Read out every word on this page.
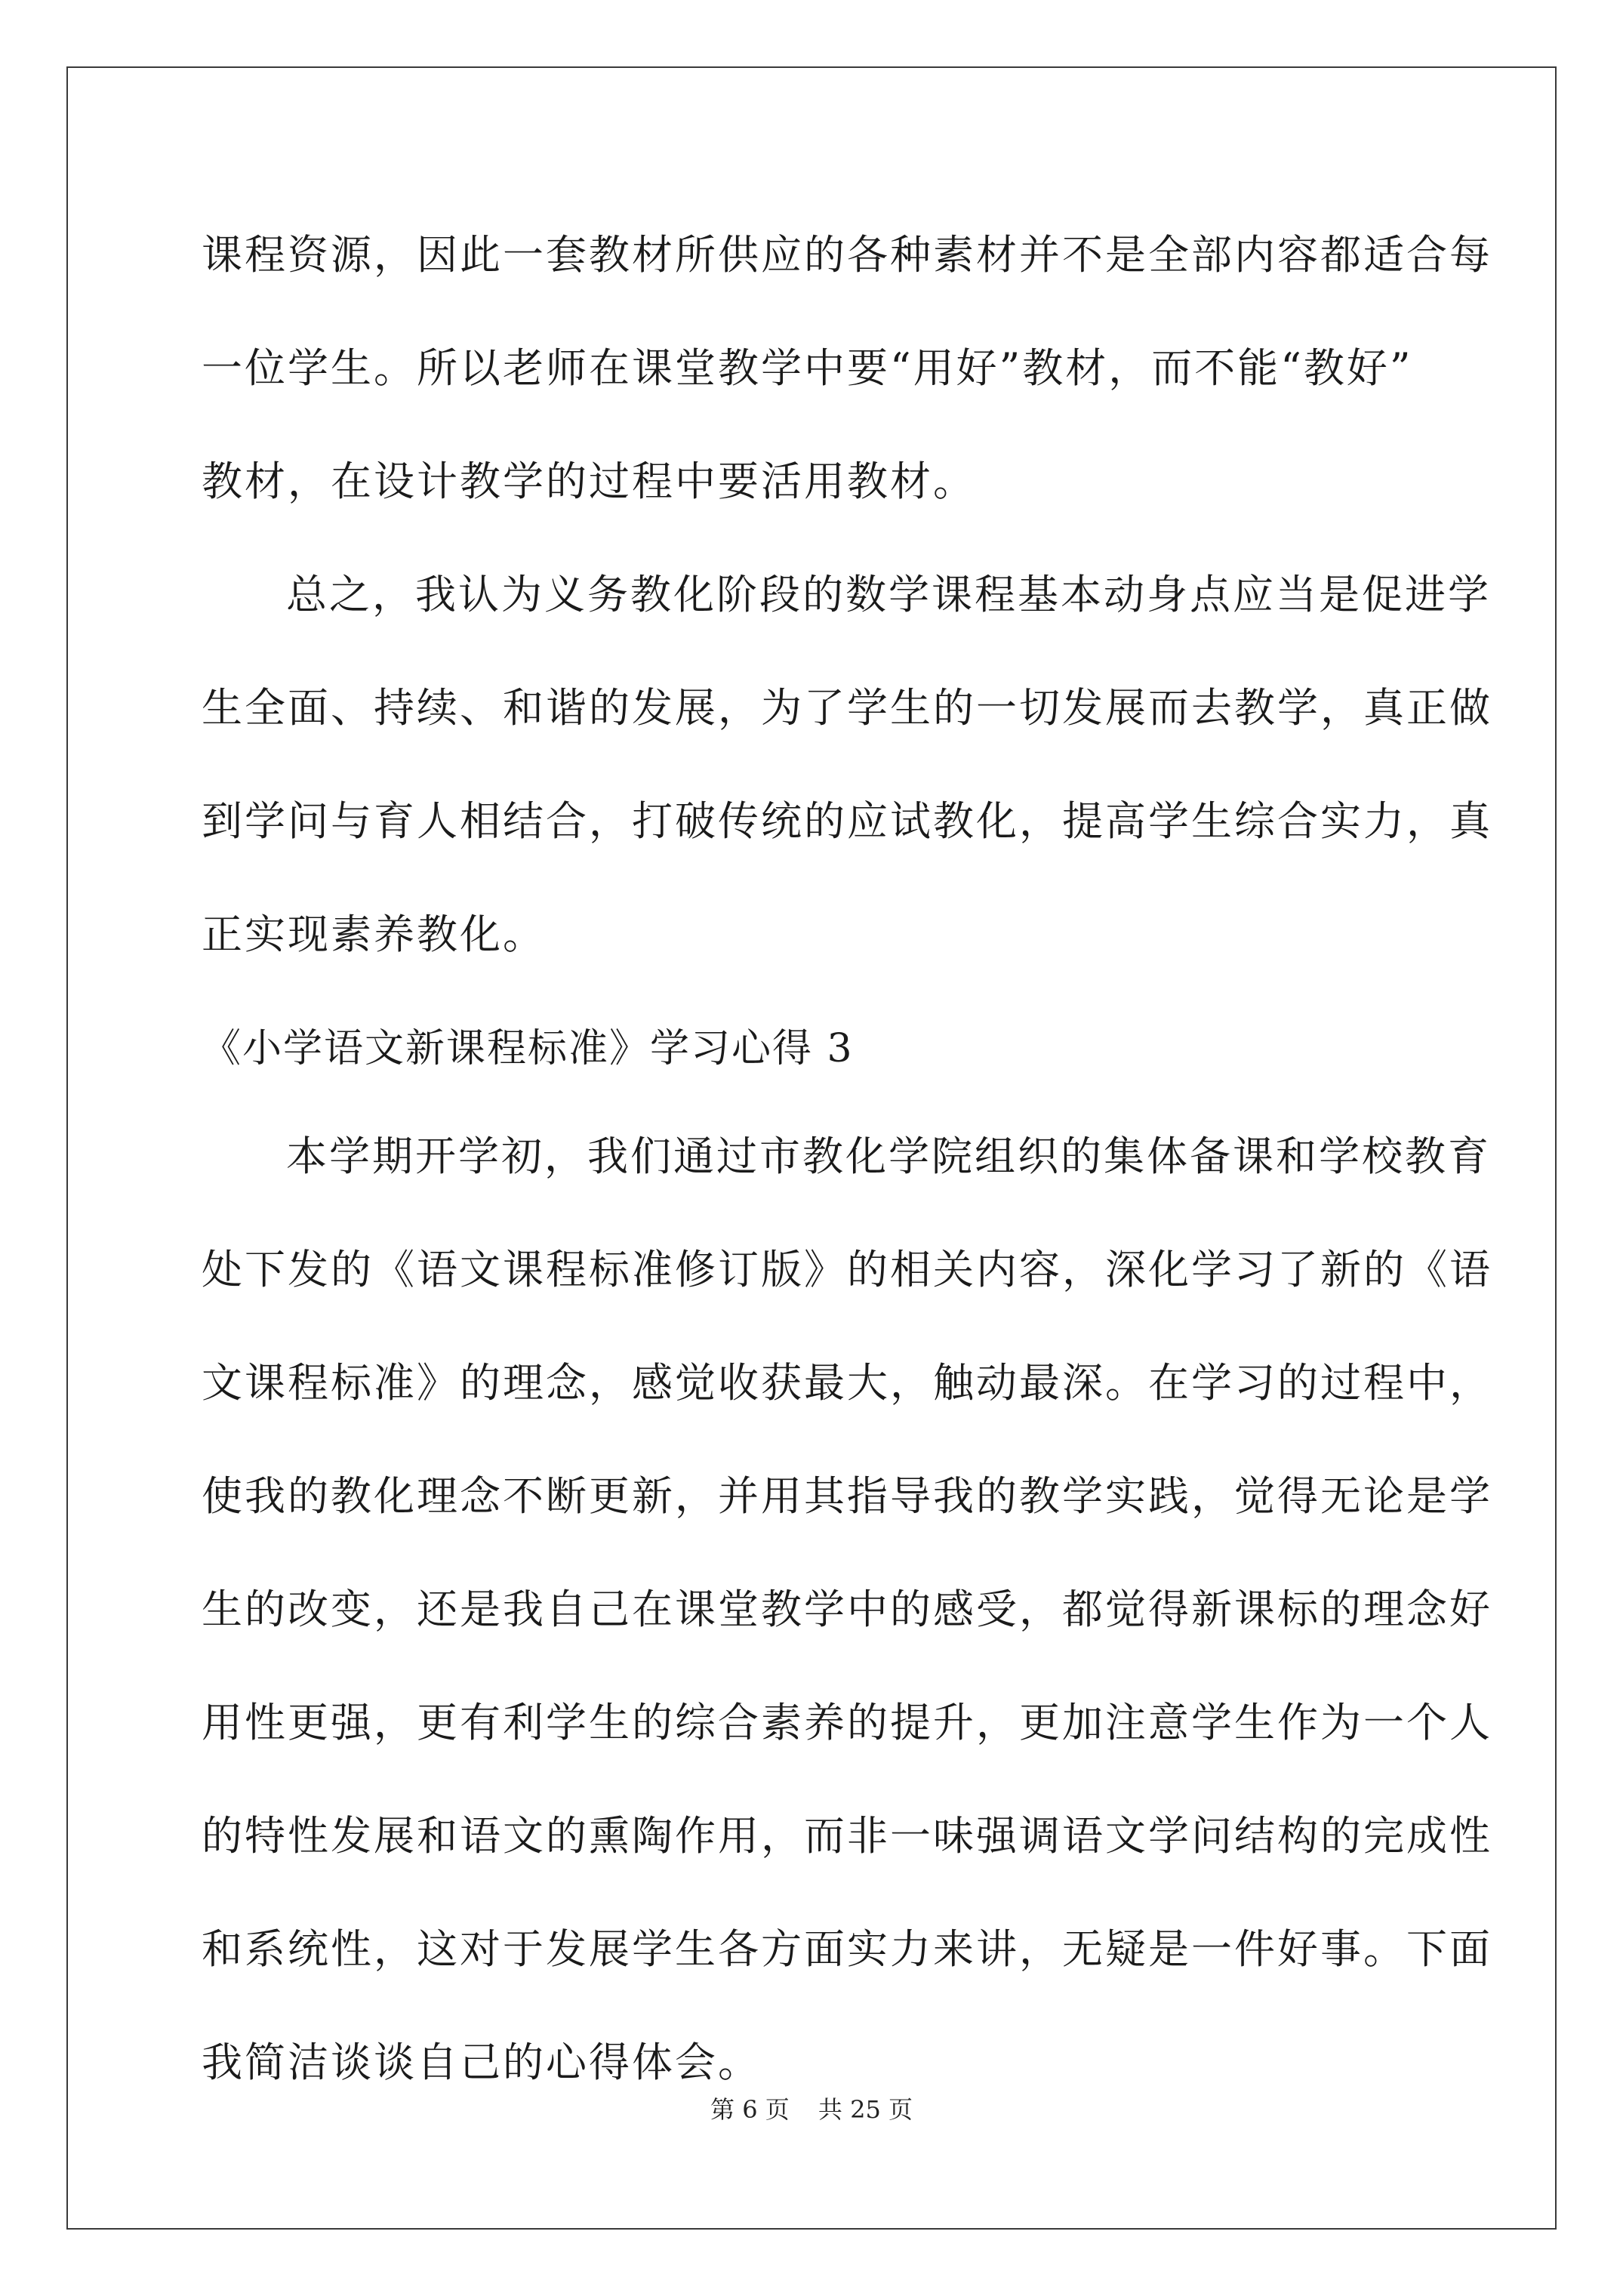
课程资源，因此一套教材所供应的各种素材并不是全部内容都适合每
一位学生。所以老师在课堂教学中要“用好”教材，而不能“教好”
教材，在设计教学的过程中要活用教材。
总之，我认为义务教化阶段的数学课程基本动身点应当是促进学
生全面、持续、和谐的发展，为了学生的一切发展而去教学，真正做
到学问与育人相结合，打破传统的应试教化，提高学生综合实力，真
正实现素养教化。
《小学语文新课程标准》学习心得 3
本学期开学初，我们通过市教化学院组织的集体备课和学校教育
处下发的《语文课程标准修订版》的相关内容，深化学习了新的《语
文课程标准》的理念，感觉收获最大，触动最深。在学习的过程中，
使我的教化理念不断更新，并用其指导我的教学实践，觉得无论是学
生的改变，还是我自己在课堂教学中的感受，都觉得新课标的理念好
用性更强，更有利学生的综合素养的提升，更加注意学生作为一个人
的特性发展和语文的熏陶作用，而非一味强调语文学问结构的完成性
和系统性，这对于发展学生各方面实力来讲，无疑是一件好事。下面
我简洁谈谈自己的心得体会。
第 6 页 共 25 页
